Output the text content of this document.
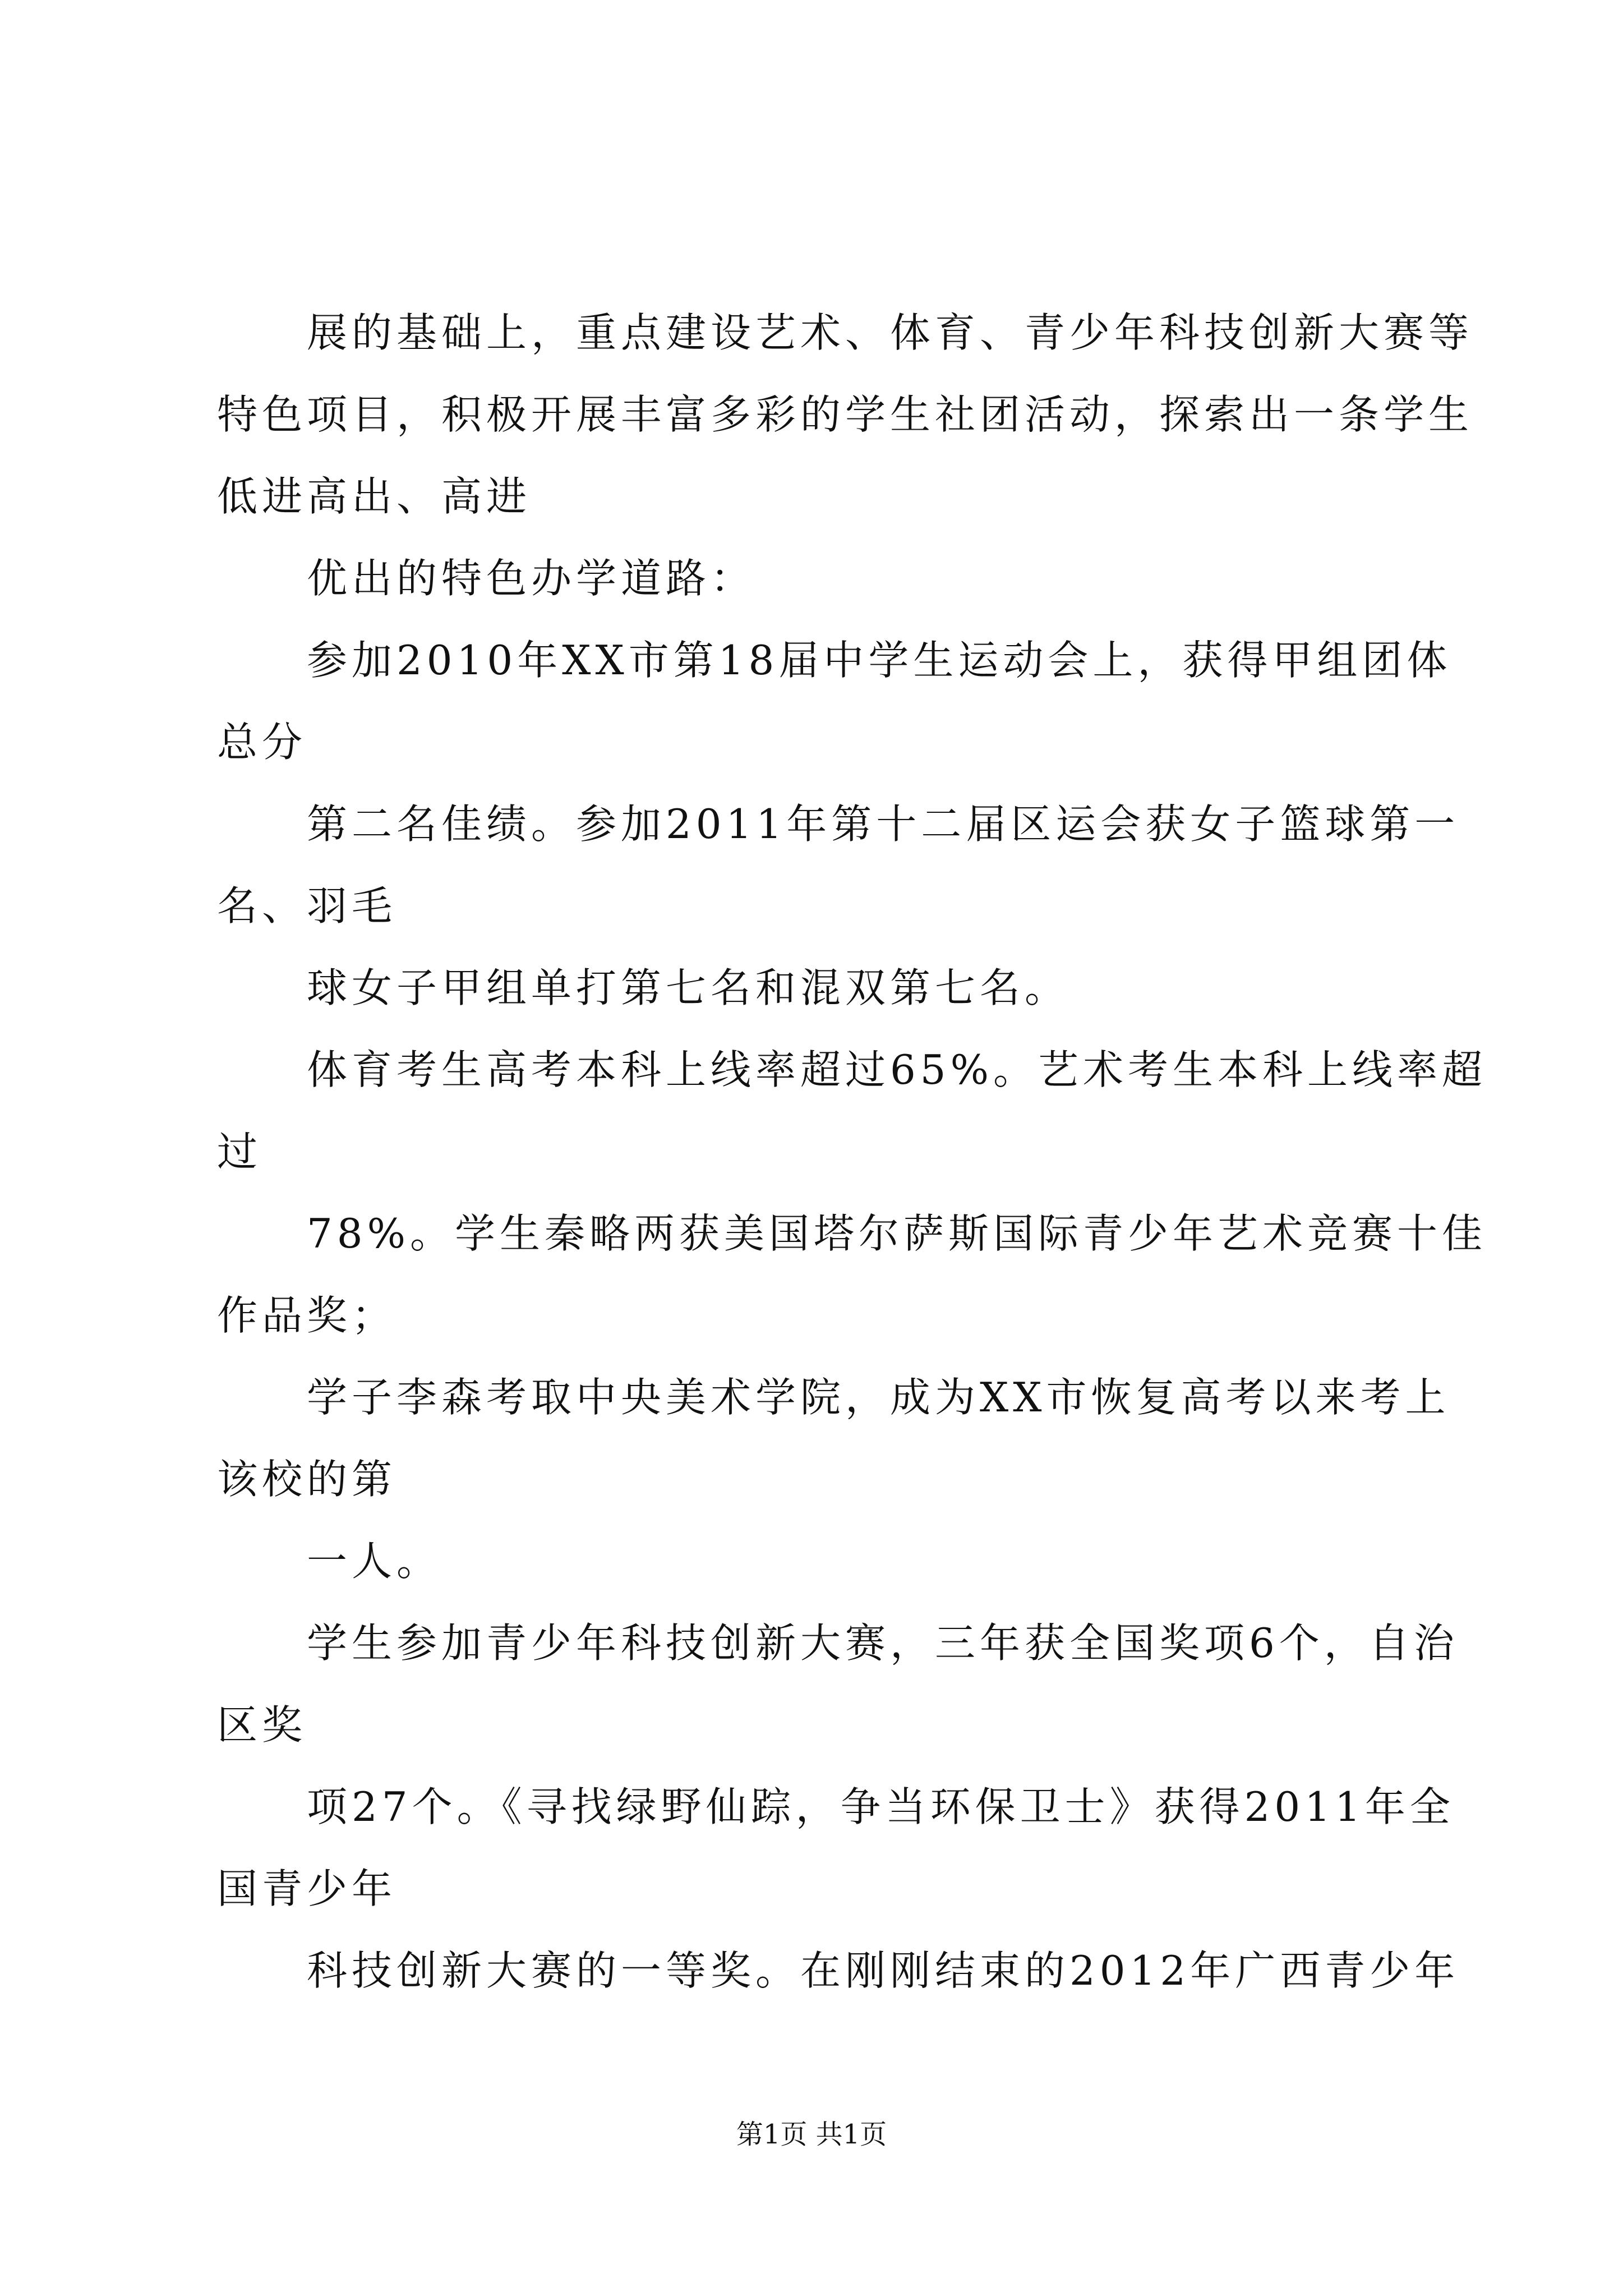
展的基础上，重点建设艺术、体育、青少年科技创新大赛等
特色项目，积极开展丰富多彩的学生社团活动，探索出一条学生
低进高出、高进
优出的特色办学道路：
参加2010年XX市第18届中学生运动会上，获得甲组团体
总分
第二名佳绩。参加2011年第十二届区运会获女子篮球第一
名、羽毛
球女子甲组单打第七名和混双第七名。
体育考生高考本科上线率超过65%。艺术考生本科上线率超
过
78%。学生秦略两获美国塔尔萨斯国际青少年艺术竞赛十佳
作品奖；
学子李森考取中央美术学院，成为XX市恢复高考以来考上
该校的第
一人。
学生参加青少年科技创新大赛，三年获全国奖项6个，自治
区奖
项27个。《寻找绿野仙踪，争当环保卫士》获得2011年全
国青少年
科技创新大赛的一等奖。在刚刚结束的2012年广西青少年
第1页 共1页
